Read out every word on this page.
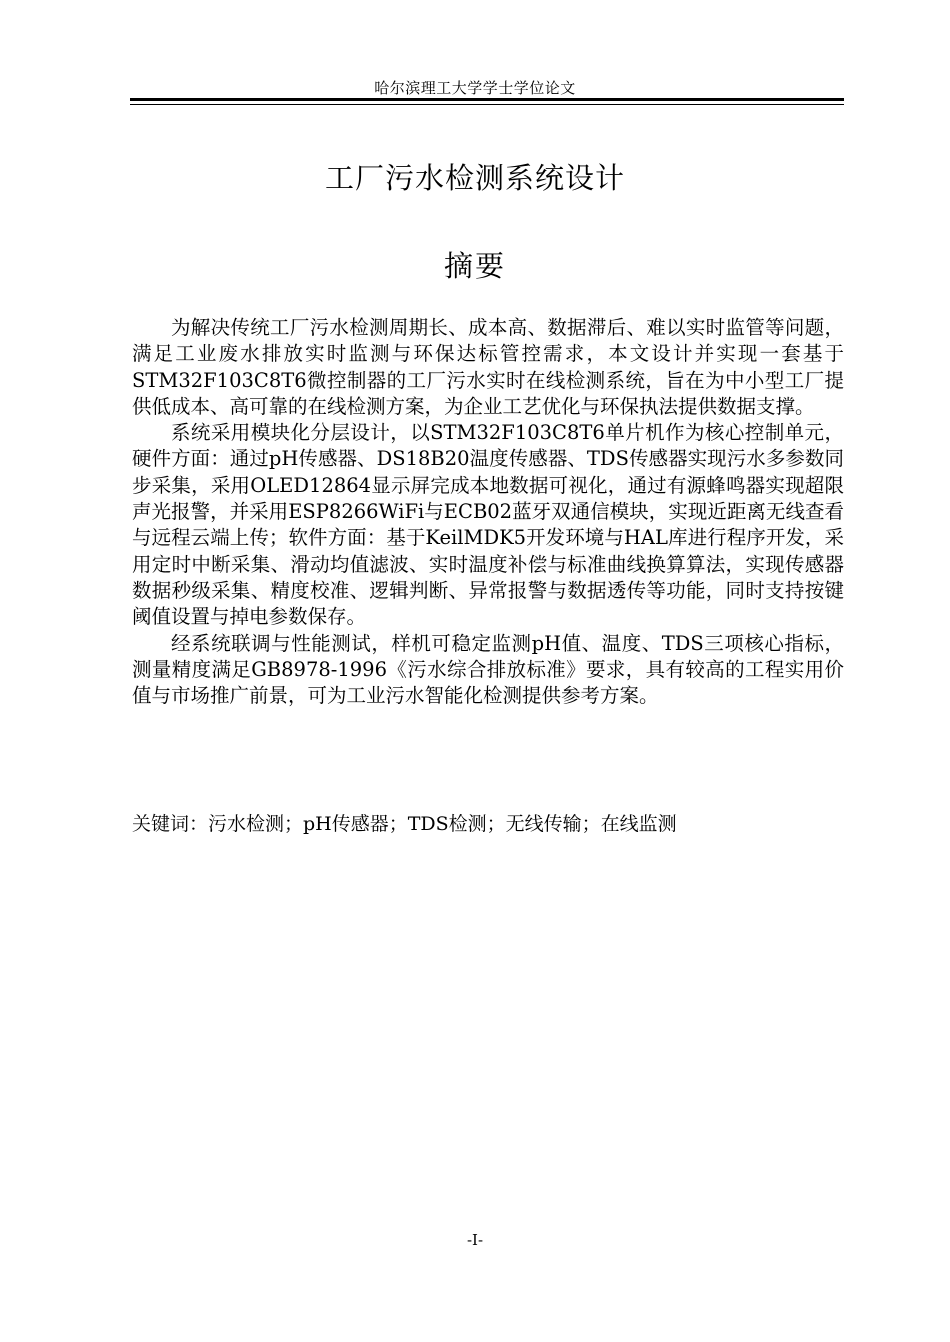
哈尔滨理工大学学士学位论文
工厂污水检测系统设计
摘要

为解决传统工厂污水检测周期长、成本高、数据滞后、难以实时监管等问题，满足工业废水排放实时监测与环保达标管控需求，本文设计并实现一套基于STM32F103C8T6微控制器的工厂污水实时在线检测系统，旨在为中小型工厂提供低成本、高可靠的在线检测方案，为企业工艺优化与环保执法提供数据支撑。

系统采用模块化分层设计，以STM32F103C8T6单片机作为核心控制单元，硬件方面：通过pH传感器、DS18B20温度传感器、TDS传感器实现污水多参数同步采集，采用OLED12864显示屏完成本地数据可视化，通过有源蜂鸣器实现超限声光报警，并采用ESP8266WiFi与ECB02蓝牙双通信模块，实现近距离无线查看与远程云端上传；软件方面：基于KeilMDK5开发环境与HAL库进行程序开发，采用定时中断采集、滑动均值滤波、实时温度补偿与标准曲线换算算法，实现传感器数据秒级采集、精度校准、逻辑判断、异常报警与数据透传等功能，同时支持按键阈值设置与掉电参数保存。

经系统联调与性能测试，样机可稳定监测pH值、温度、TDS三项核心指标，测量精度满足GB8978-1996《污水综合排放标准》要求，具有较高的工程实用价值与市场推广前景，可为工业污水智能化检测提供参考方案。

关键词：污水检测；pH传感器；TDS检测；无线传输；在线监测
-I-
